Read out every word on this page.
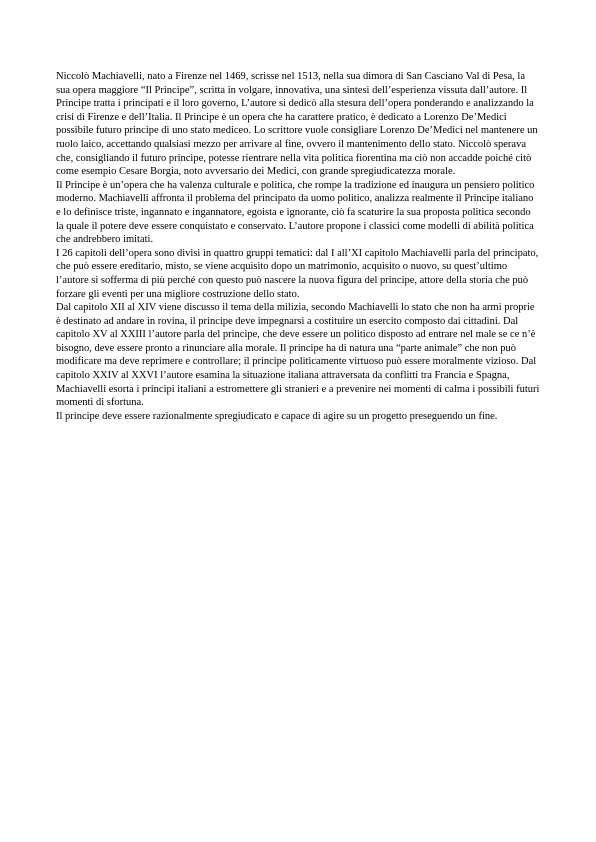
Niccolò Machiavelli, nato a Firenze nel 1469, scrisse nel 1513, nella sua dimora di San Casciano Val di Pesa, la sua opera maggiore “Il Principe”, scritta in volgare, innovativa, una sintesi dell’esperienza vissuta dall’autore. Il Principe tratta i principati e il loro governo, L’autore si dedicò alla stesura dell’opera ponderando e analizzando la crisi di Firenze e dell’Italia. Il Principe è un opera che ha carattere pratico, è dedicato a Lorenzo De’Medici possibile futuro principe di uno stato mediceo. Lo scrittore vuole consigliare Lorenzo De’Medici nel mantenere un ruolo laico, accettando qualsiasi mezzo per arrivare al fine, ovvero il mantenimento dello stato. Niccolò sperava che, consigliando il futuro principe, potesse rientrare nella vita politica fiorentina ma ciò non accadde poiché citò come esempio Cesare Borgia, noto avversario dei Medici, con grande spregiudicatezza morale.

Il Principe è un’opera che ha valenza culturale e politica, che rompe la tradizione ed inaugura un pensiero politico moderno. Machiavelli affronta il problema del principato da uomo politico, analizza realmente il Principe italiano e lo definisce triste, ingannato e ingannatore, egoista e ignorante, ciò fa scaturire la sua proposta politica secondo la quale il potere deve essere conquistato e conservato. L’autore propone i classici come modelli di abilità politica che andrebbero imitati.

I 26 capitoli dell’opera sono divisi in quattro gruppi tematici: dal I all’XI capitolo Machiavelli parla del principato, che può essere ereditario, misto, se viene acquisito dopo un matrimonio, acquisito o nuovo, su quest’ultimo l’autore si sofferma di più perché con questo può nascere la nuova figura del principe, attore della storia che può forzare gli eventi per una migliore costruzione dello stato.

Dal capitolo XII al XIV viene discusso il tema della milizia, secondo Machiavelli lo stato che non ha armi proprie è destinato ad andare in rovina, il principe deve impegnarsi a costituire un esercito composto dai cittadini. Dal capitolo XV al XXIII l’autore parla del principe, che deve essere un politico disposto ad entrare nel male se ce n’è bisogno, deve essere pronto a rinunciare alla morale. Il principe ha di natura una “parte animale” che non può modificare ma deve reprimere e controllare; il principe politicamente virtuoso può essere moralmente vizioso. Dal capitolo XXIV al XXVI l’autore esamina la situazione italiana attraversata da conflitti tra Francia e Spagna, Machiavelli esorta i principi italiani a estromettere gli stranieri e a prevenire nei momenti di calma i possibili futuri momenti di sfortuna.

Il principe deve essere razionalmente spregiudicato e capace di agire su un progetto preseguendo un fine.
